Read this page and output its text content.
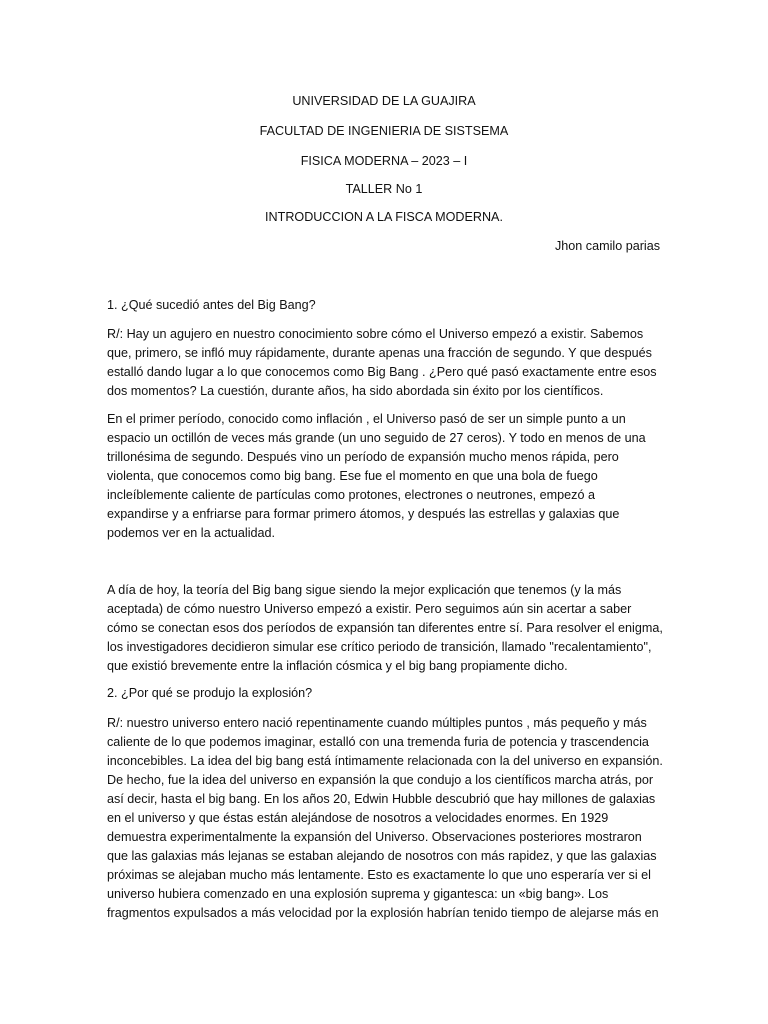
UNIVERSIDAD DE LA GUAJIRA
FACULTAD DE INGENIERIA DE SISTSEMA
FISICA MODERNA – 2023 – I
TALLER No 1
INTRODUCCION A LA FISCA MODERNA.
Jhon camilo parias

1. ¿Qué sucedió antes del Big Bang?

R/: Hay un agujero en nuestro conocimiento sobre cómo el Universo empezó a existir. Sabemos
que, primero, se infló muy rápidamente, durante apenas una fracción de segundo. Y que después
estalló dando lugar a lo que conocemos como Big Bang . ¿Pero qué pasó exactamente entre esos
dos momentos? La cuestión, durante años, ha sido abordada sin éxito por los científicos.

En el primer período, conocido como inflación , el Universo pasó de ser un simple punto a un
espacio un octillón de veces más grande (un uno seguido de 27 ceros). Y todo en menos de una
trillonésima de segundo. Después vino un período de expansión mucho menos rápida, pero
violenta, que conocemos como big bang. Ese fue el momento en que una bola de fuego
incleíblemente caliente de partículas como protones, electrones o neutrones, empezó a
expandirse y a enfriarse para formar primero átomos, y después las estrellas y galaxias que
podemos ver en la actualidad.

A día de hoy, la teoría del Big bang sigue siendo la mejor explicación que tenemos (y la más
aceptada) de cómo nuestro Universo empezó a existir. Pero seguimos aún sin acertar a saber
cómo se conectan esos dos períodos de expansión tan diferentes entre sí. Para resolver el enigma,
los investigadores decidieron simular ese crítico periodo de transición, llamado "recalentamiento",
que existió brevemente entre la inflación cósmica y el big bang propiamente dicho.

2. ¿Por qué se produjo la explosión?

R/: nuestro universo entero nació repentinamente cuando múltiples puntos , más pequeño y más
caliente de lo que podemos imaginar, estalló con una tremenda furia de potencia y trascendencia
inconcebibles. La idea del big bang está íntimamente relacionada con la del universo en expansión.
De hecho, fue la idea del universo en expansión la que condujo a los científicos marcha atrás, por
así decir, hasta el big bang. En los años 20, Edwin Hubble descubrió que hay millones de galaxias
en el universo y que éstas están alejándose de nosotros a velocidades enormes. En 1929
demuestra experimentalmente la expansión del Universo. Observaciones posteriores mostraron
que las galaxias más lejanas se estaban alejando de nosotros con más rapidez, y que las galaxias
próximas se alejaban mucho más lentamente. Esto es exactamente lo que uno esperaría ver si el
universo hubiera comenzado en una explosión suprema y gigantesca: un «big bang». Los
fragmentos expulsados a más velocidad por la explosión habrían tenido tiempo de alejarse más en
